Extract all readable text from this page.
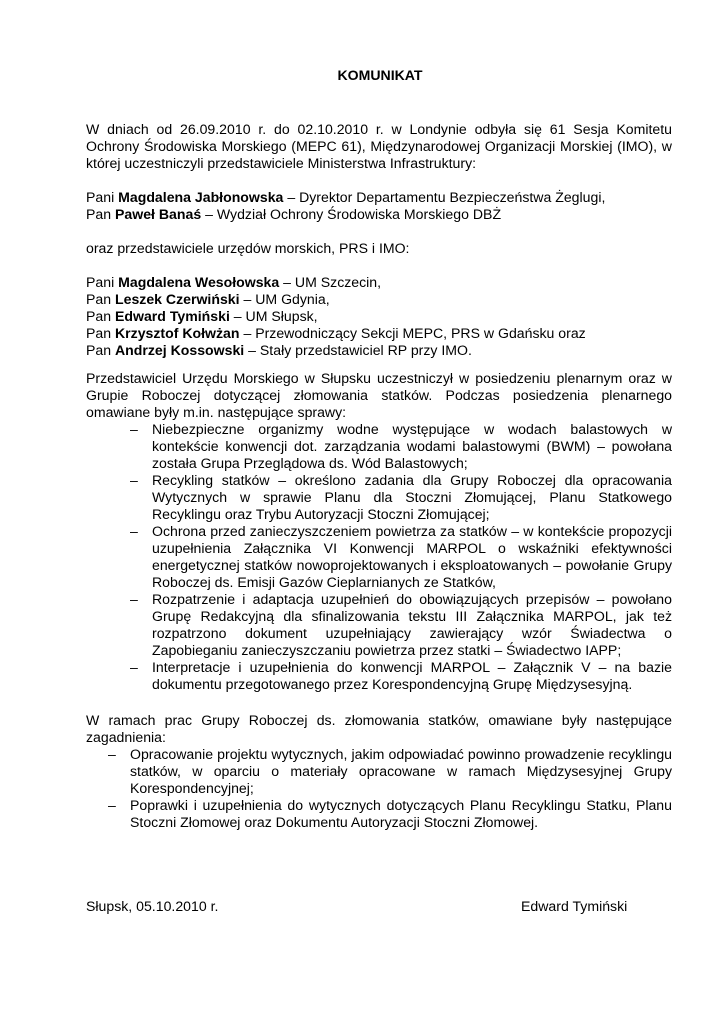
KOMUNIKAT

W dniach od 26.09.2010 r. do 02.10.2010 r. w Londynie odbyła się 61 Sesja Komitetu Ochrony Środowiska Morskiego (MEPC 61), Międzynarodowej Organizacji Morskiej (IMO), w której uczestniczyli przedstawiciele Ministerstwa Infrastruktury:

Pani Magdalena Jabłonowska – Dyrektor Departamentu Bezpieczeństwa Żeglugi,
Pan Paweł Banaś – Wydział Ochrony Środowiska Morskiego DBŻ

oraz przedstawiciele urzędów morskich, PRS i IMO:

Pani Magdalena Wesołowska – UM Szczecin,
Pan Leszek Czerwiński – UM Gdynia,
Pan Edward Tymiński – UM Słupsk,
Pan Krzysztof Kołwżan – Przewodniczący Sekcji MEPC, PRS w Gdańsku oraz
Pan Andrzej Kossowski – Stały przedstawiciel RP przy IMO.

Przedstawiciel Urzędu Morskiego w Słupsku uczestniczył w posiedzeniu plenarnym oraz w Grupie Roboczej dotyczącej złomowania statków. Podczas posiedzenia plenarnego omawiane były m.in. następujące sprawy:

– Niebezpieczne organizmy wodne występujące w wodach balastowych w kontekście konwencji dot. zarządzania wodami balastowymi (BWM) – powołana została Grupa Przeglądowa ds. Wód Balastowych;
– Recykling statków – określono zadania dla Grupy Roboczej dla opracowania Wytycznych w sprawie Planu dla Stoczni Złomującej, Planu Statkowego Recyklingu oraz Trybu Autoryzacji Stoczni Złomującej;
– Ochrona przed zanieczyszczeniem powietrza za statków – w kontekście propozycji uzupełnienia Załącznika VI Konwencji MARPOL o wskaźniki efektywności energetycznej statków nowoprojektowanych i eksploatowanych – powołanie Grupy Roboczej ds. Emisji Gazów Cieplarnianych ze Statków,
– Rozpatrzenie i adaptacja uzupełnień do obowiązujących przepisów – powołano Grupę Redakcyjną dla sfinalizowania tekstu III Załącznika MARPOL, jak też rozpatrzono dokument uzupełniający zawierający wzór Świadectwa o Zapobieganiu zanieczyszczaniu powietrza przez statki – Świadectwo IAPP;
– Interpretacje i uzupełnienia do konwencji MARPOL – Załącznik V – na bazie dokumentu przegotowanego przez Korespondencyjną Grupę Międzysesyjną.

W ramach prac Grupy Roboczej ds. złomowania statków, omawiane były następujące zagadnienia:

– Opracowanie projektu wytycznych, jakim odpowiadać powinno prowadzenie recyklingu statków, w oparciu o materiały opracowane w ramach Międzysesyjnej Grupy Korespondencyjnej;
– Poprawki i uzupełnienia do wytycznych dotyczących Planu Recyklingu Statku, Planu Stoczni Złomowej oraz Dokumentu Autoryzacji Stoczni Złomowej.
Słupsk, 05.10.2010 r.	Edward Tymiński
